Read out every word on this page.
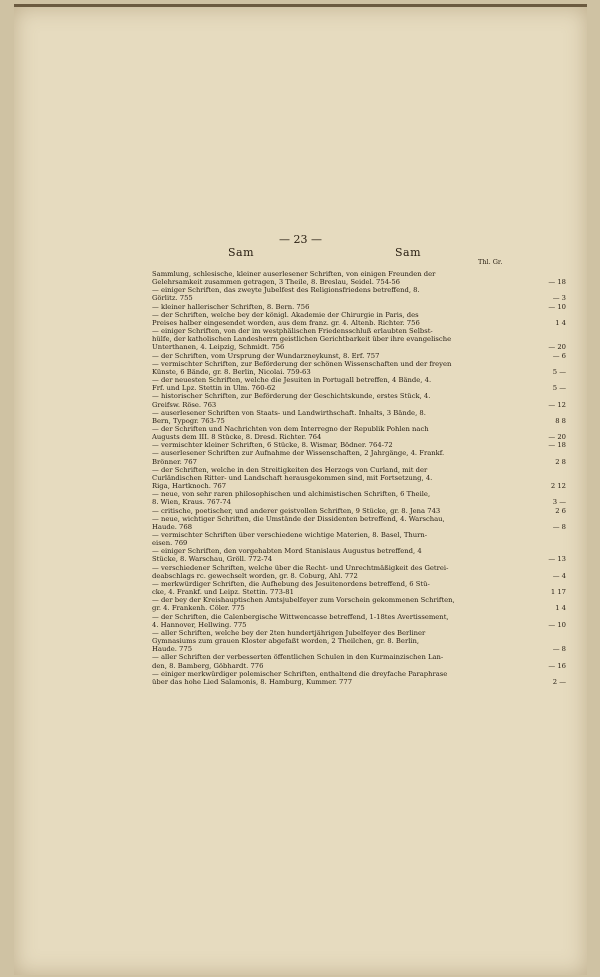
— 23 —
Sam	Sam
Thl. Gr.
Sammlung, schlesische, kleiner auserlesener Schriften, von einigen Freunden der
Gelehrsamkeit zusammen getragen, 3 Theile, 8. Breslau, Seidel. 754-56	— 18
— einiger Schriften, das zweyte Jubelfest des Religionsfriedens betreffend, 8.
Görlitz. 755	— 3
— kleiner hallerischer Schriften, 8. Bern. 756	— 10
— der Schriften, welche bey der königl. Akademie der Chirurgie in Paris, des
Preises halber eingesendet worden, aus dem franz. gr. 4. Altenb. Richter. 756	1 4
— einiger Schriften, von der im westphälischen Friedensschluß erlaubten Selbst-
hülfe, der katholischen Landesherrn geistlichen Gerichtbarkeit über ihre evangelische
Unterthanen, 4. Leipzig, Schmidt. 756	— 20
— der Schriften, vom Ursprung der Wundarzneykunst, 8. Erf. 757	— 6
— vermischter Schriften, zur Beförderung der schönen Wissenschaften und der freyen
Künste, 6 Bände, gr. 8. Berlin, Nicolai. 759-63	5 —
— der neuesten Schriften, welche die Jesuiten in Portugall betreffen, 4 Bände, 4.
Frf. und Lpz. Stettin in Ulm. 760-62	5 —
— historischer Schriften, zur Beförderung der Geschichtskunde, erstes Stück, 4.
Greifsw. Röse. 763	— 12
— auserlesener Schriften von Staats- und Landwirthschaft. Inhalts, 3 Bände, 8.
Bern, Typogr. 763-75	8 8
— der Schriften und Nachrichten von dem Interregno der Republik Pohlen nach
Augusts dem III. 8 Stücke, 8. Dresd. Richter. 764	— 20
— vermischter kleiner Schriften, 6 Stücke, 8. Wismar, Bödner. 764-72	— 18
— auserlesener Schriften zur Aufnahme der Wissenschaften, 2 Jahrgänge, 4. Frankf.
Brönner. 767	2 8
— der Schriften, welche in den Streitigkeiten des Herzogs von Curland, mit der
Curländischen Ritter- und Landschaft herausgekommen sind, mit Fortsetzung, 4.
Riga, Hartknoch. 767	2 12
— neue, von sehr raren philosophischen und alchimistischen Schriften, 6 Theile,
8. Wien, Kraus. 767-74	3 —
— critische, poetischer, und anderer geistvollen Schriften, 9 Stücke, gr. 8. Jena 743	2 6
— neue, wichtiger Schriften, die Umstände der Dissidenten betreffend, 4. Warschau,
Haude. 768	— 8
— vermischter Schriften über verschiedene wichtige Materien, 8. Basel, Thurn-
eisen. 769
— einiger Schriften, den vorgehabten Mord Stanislaus Augustus betreffend, 4
Stücke, 8. Warschau, Gröll. 772-74	— 13
— verschiedener Schriften, welche über die Recht- und Unrechtmäßigkeit des Getrei-
deabschlags rc. gewechselt worden, gr. 8. Coburg, Ahl. 772	— 4
— merkwürdiger Schriften, die Aufhebung des Jesuitenordens betreffend, 6 Stü-
cke, 4. Frankf. und Leipz. Stettin. 773-81	1 17
— der bey der Kreishauptischen Amtsjubelfeyer zum Vorschein gekommenen Schriften,
gr. 4. Frankenh. Cöler. 775	1 4
— der Schriften, die Calenbergische Wittwencasse betreffend, 1-18tes Avertissement,
4. Hannover, Hellwing. 775	— 10
— aller Schriften, welche bey der 2ten hundertjährigen Jubelfeyer des Berliner
Gymnasiums zum grauen Kloster abgefaßt worden, 2 Theilchen, gr. 8. Berlin,
Haude. 775	— 8
— aller Schriften der verbesserten öffentlichen Schulen in den Kurmainzischen Lan-
den, 8. Bamberg, Göbhardt. 776	— 16
— einiger merkwürdiger polemischer Schriften, enthaltend die dreyfache Paraphrase
über das hohe Lied Salamonis, 8. Hamburg, Kummer. 777	2 —
